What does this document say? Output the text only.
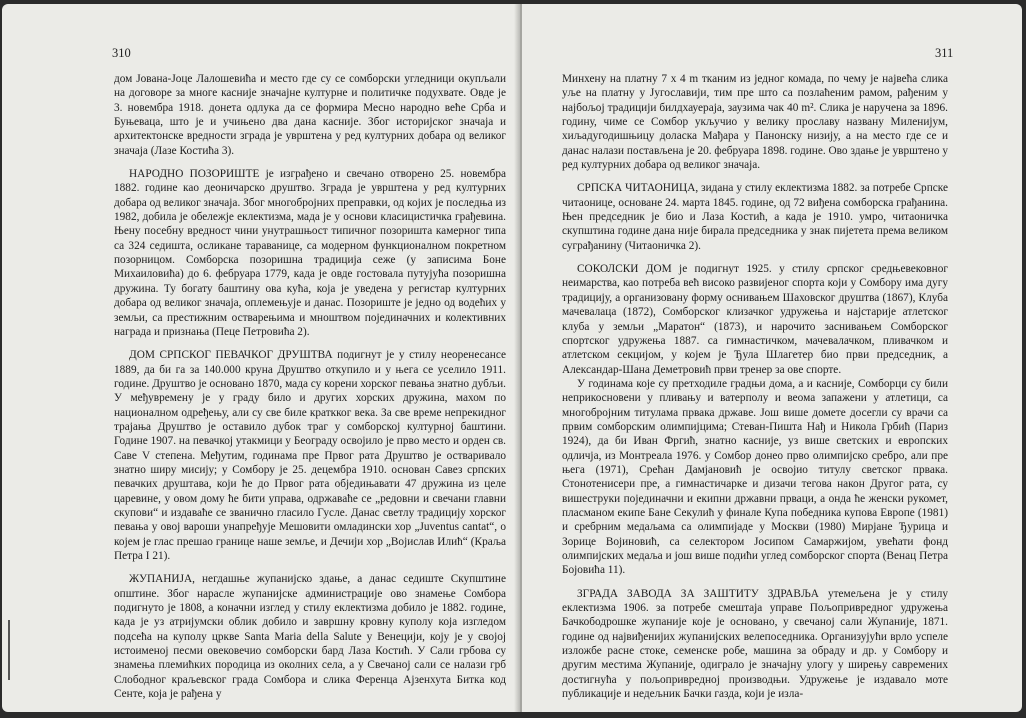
310

дом Јована-Јоце Лалошевића и место где су се сомборски угледници окупљали на договоре за многе касније значајне културне и политичке подухвате. Овде је 3. новембра 1918. донета одлука да се формира Месно народно веће Срба и Буњеваца, што је и учињено два дана касније. Због историјског значаја и архитектонске вредности зграда је уврштена у ред културних добара од великог значаја (Лазе Костића 3).

НАРОДНО ПОЗОРИШТЕ је изграђено и свечано отворено 25. новембра 1882. године као деоничарско друштво. Зграда је уврштена у ред културних добара од великог значаја. Због многобројних преправки, од којих је последња из 1982, добила је обележје еклектизма, мада је у основи класицистичка грађевина. Њену посебну вредност чини унутрашњост типичног позоришта камерног типа са 324 седишта, осликане тараванице, са модерном функционалном покретном позорницом. Сомборска позоришна традиција сеже (у записима Боне Михаиловића) до 6. фебруара 1779, када је овде гостовала путујућа позоришна дружина. Ту богату баштину ова кућа, која је уведена у регистар културних добара од великог значаја, оплемењује и данас. Позориште је једно од водећих у земљи, са престижним остварењима и мноштвом појединачних и колективних награда и признања (Пеце Петровића 2).

ДОМ СРПСКОГ ПЕВАЧКОГ ДРУШТВА подигнут је у стилу неоренесансе 1889, да би га за 140.000 круна Друштво откупило и у њега се уселило 1911. године. Друштво је основано 1870, мада су корени хорског певања знатно дубљи. У међувремену је у граду било и других хорских дружина, махом по националном одређењу, али су све биле краткког века. За све време непрекидног трајања Друштво је оставило дубок траг у сомборској културној баштини. Године 1907. на певачкој утакмици у Београду освојило је прво место и орден св. Саве V степена. Међутим, годинама пре Првог рата Друштво је остваривало знатно ширу мисију; у Сомбору је 25. децембра 1910. основан Савез српских певачких друштава, који ће до Првог рата обједињавати 47 дружина из целе царевине, у овом дому ће бити управа, одржаваће се „редовни и свечани главни скупови“ и издаваће се званично гласило Гусле. Данас светлу традицију хорског певања у овој вароши унапређује Мешовити омладински хор „Juventus cantat“, о којем је глас прешао границе наше земље, и Дечији хор „Војислав Илић“ (Краља Петра I 21).

ЖУПАНИЈА, негдашње жупанијско здање, а данас седиште Скупштине општине. Због нарасле жупанијске администрације ово знамење Сомбора подигнуто је 1808, а коначни изглед у стилу еклектизма добило је 1882. године, када је уз атријумски облик добило и завршну кровну куполу која изгледом подсећа на куполу цркве Santa Maria della Salute у Венецији, коју је у својој истоименој песми овековечио сомборски бард Лаза Костић. У Сали грбова су знамења племићких породица из околних села, а у Свечаној сали се налази грб Слободног краљевског града Сомбора и слика Ференца Ајзенхута Битка код Сенте, која је рађена у

311

Минхену на платну 7 х 4 m тканим из једног комада, по чему је највећа слика уље на платну у Југославији, тим пре што са позлаћеним рамом, рађеним у најбољој традицији билдхауераја, заузима чак 40 m². Слика је наручена за 1896. годину, чиме се Сомбор укључио у велику прославу названу Миленијум, хиљадугодишњицу доласка Мађара у Панонску низију, а на место где се и данас налази постављена је 20. фебруара 1898. године. Ово здање је уврштено у ред културних добара од великог значаја.

СРПСКА ЧИТАОНИЦА, зидана у стилу еклектизма 1882. за потребе Српске читаонице, основане 24. марта 1845. године, од 72 виђена сомборска грађанина. Њен председник је био и Лаза Костић, а када је 1910. умро, читаоничка скупштина године дана није бирала председника у знак пијетета према великом суграђанину (Читаоничка 2).

СОКОЛСКИ ДОМ је подигнут 1925. у стилу српског средњевековног неимарства, као потреба већ високо развијеног спорта који у Сомбору има дугу традицију, а организовану форму оснивањем Шаховског друштва (1867), Клуба мачевалаца (1872), Сомборског клизачког удружења и најстарије атлетског клуба у земљи „Маратон“ (1873), и нарочито заснивањем Сомборског спортског удружења 1887. са гимнастичком, мачевалачком, пливачком и атлетском секцијом, у којем је Ђула Шлагетер био први председник, а Александар-Шана Деметровић први тренер за ове спорте.

У годинама које су претходиле градњи дома, а и касније, Сомборци су били неприкосновени у пливању и ватерполу и веома запажени у атлетици, са многобројним титулама првака државе. Још више домете досегли су врачи са првим сомборским олимпијцима; Стеван-Пишта Нађ и Никола Грбић (Париз 1924), да би Иван Фргић, знатно касније, уз више светских и европских одличја, из Монтреала 1976. у Сомбор донео прво олимпијско сребро, али пре њега (1971), Срећан Дамјановић је освојио титулу светског првака. Стонотениcери пре, а гимнастичарке и дизачи тегова након Другог рата, су вишеструки појединачни и екипни државни прваци, а онда ће женски рукомет, пласманом екипе Бане Секулић у финале Купа победника купова Европе (1981) и сребрним медаљама са олимпијаде у Москви (1980) Мирјане Ђурица и Зорице Војиновић, са селектором Јосипом Самаржијом, увећати фонд олимпијских медаља и још више подићи углед сомборског спорта (Венац Петра Бојовића 11).

ЗГРАДА ЗАВОДА ЗА ЗАШТИТУ ЗДРАВЉА утемељена је у стилу еклектизма 1906. за потребе смештаја управе Пољопривредног удружења Бачкободрошке жупаније које је основано, у свечаној сали Жупаније, 1871. године од највиђенијих жупанијских велепоседника. Организујући врло успеле изложбе расне стоке, семенске робе, машина за обраду и др. у Сомбору и другим местима Жупаније, одиграло је значајну улогу у ширењу савремених достигнућа у пољопривредној производњи. Удружење је издавало моте публикације и недељник Бачки газда, који је изла-
